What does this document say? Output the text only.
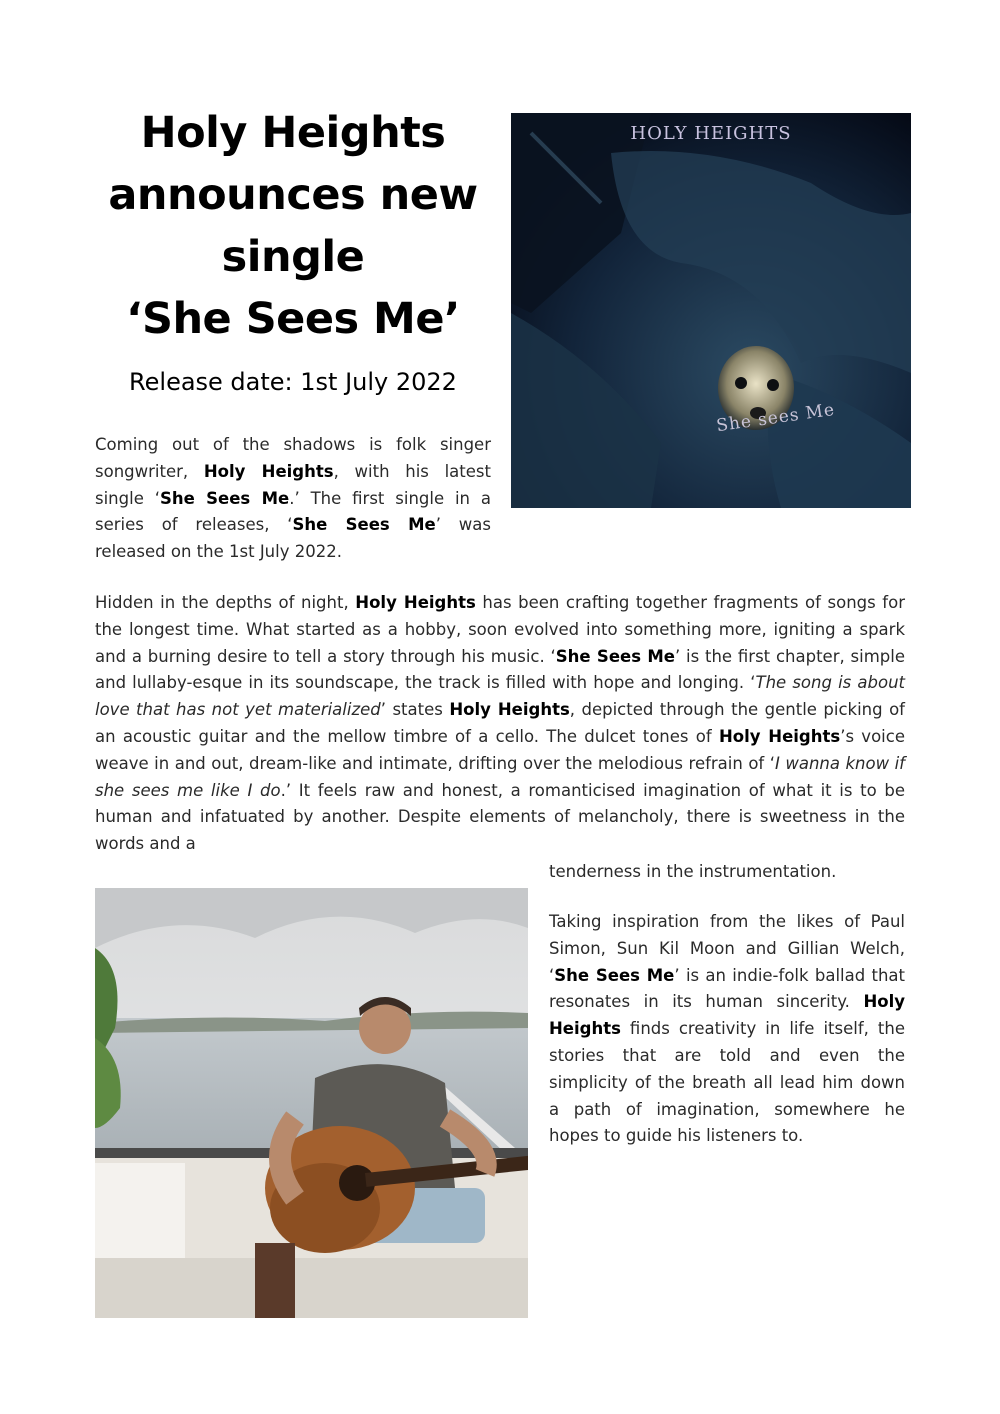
Holy Heights
announces new
single
‘She Sees Me’
Release date: 1st July 2022

Coming out of the shadows is folk singer songwriter, Holy Heights, with his latest single ‘She Sees Me.’ The first single in a series of releases, ‘She Sees Me’ was released on the 1st July 2022.

HOLY HEIGHTS
She sees Me

Hidden in the depths of night, Holy Heights has been crafting together fragments of songs for the longest time. What started as a hobby, soon evolved into something more, igniting a spark and a burning desire to tell a story through his music. ‘She Sees Me’ is the first chapter, simple and lullaby-esque in its soundscape, the track is filled with hope and longing. ‘The song is about love that has not yet materialized’ states Holy Heights, depicted through the gentle picking of an acoustic guitar and the mellow timbre of a cello. The dulcet tones of Holy Heights’s voice weave in and out, dream-like and intimate, drifting over the melodious refrain of ‘I wanna know if she sees me like I do.’ It feels raw and honest, a romanticised imagination of what it is to be human and infatuated by another. Despite elements of melancholy, there is sweetness in the words and a

tenderness in the instrumentation.

Taking inspiration from the likes of Paul Simon, Sun Kil Moon and Gillian Welch, ‘She Sees Me’ is an indie-folk ballad that resonates in its human sincerity. Holy Heights finds creativity in life itself, the stories that are told and even the simplicity of the breath all lead him down a path of imagination, somewhere he hopes to guide his listeners to.
